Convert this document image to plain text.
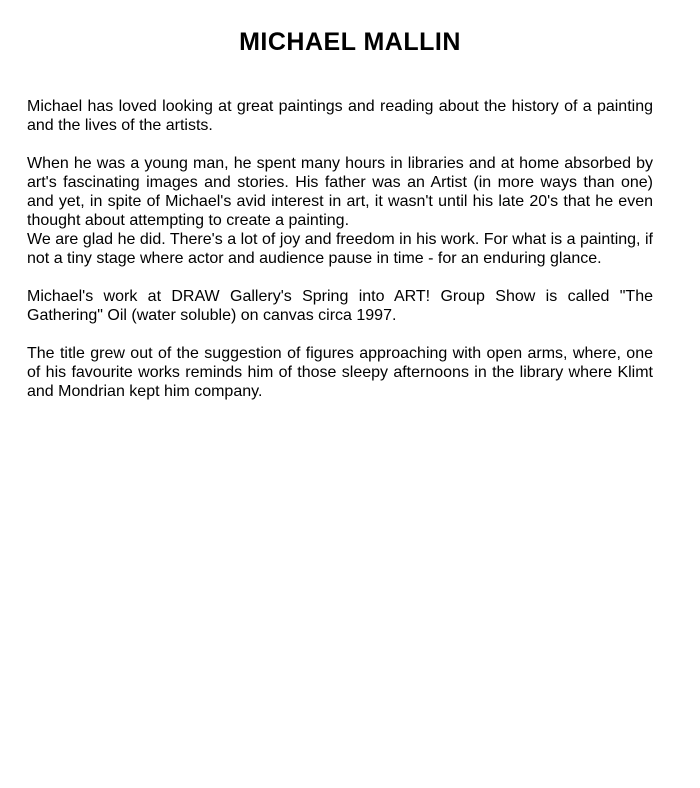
MICHAEL MALLIN

Michael has loved looking at great paintings and reading about the history of a painting and the lives of the artists.

When he was a young man, he spent many hours in libraries and at home absorbed by art's fascinating images and stories. His father was an Artist (in more ways than one) and yet, in spite of Michael's avid interest in art, it wasn't until his late 20's that he even thought about attempting to create a painting.

We are glad he did. There's a lot of joy and freedom in his work. For what is a painting, if not a tiny stage where actor and audience pause in time - for an enduring glance.

Michael's work at DRAW Gallery's Spring into ART! Group Show is called "The Gathering" Oil (water soluble) on canvas circa 1997.

The title grew out of the suggestion of figures approaching with open arms, where, one of his favourite works reminds him of those sleepy afternoons in the library where Klimt and Mondrian kept him company.
